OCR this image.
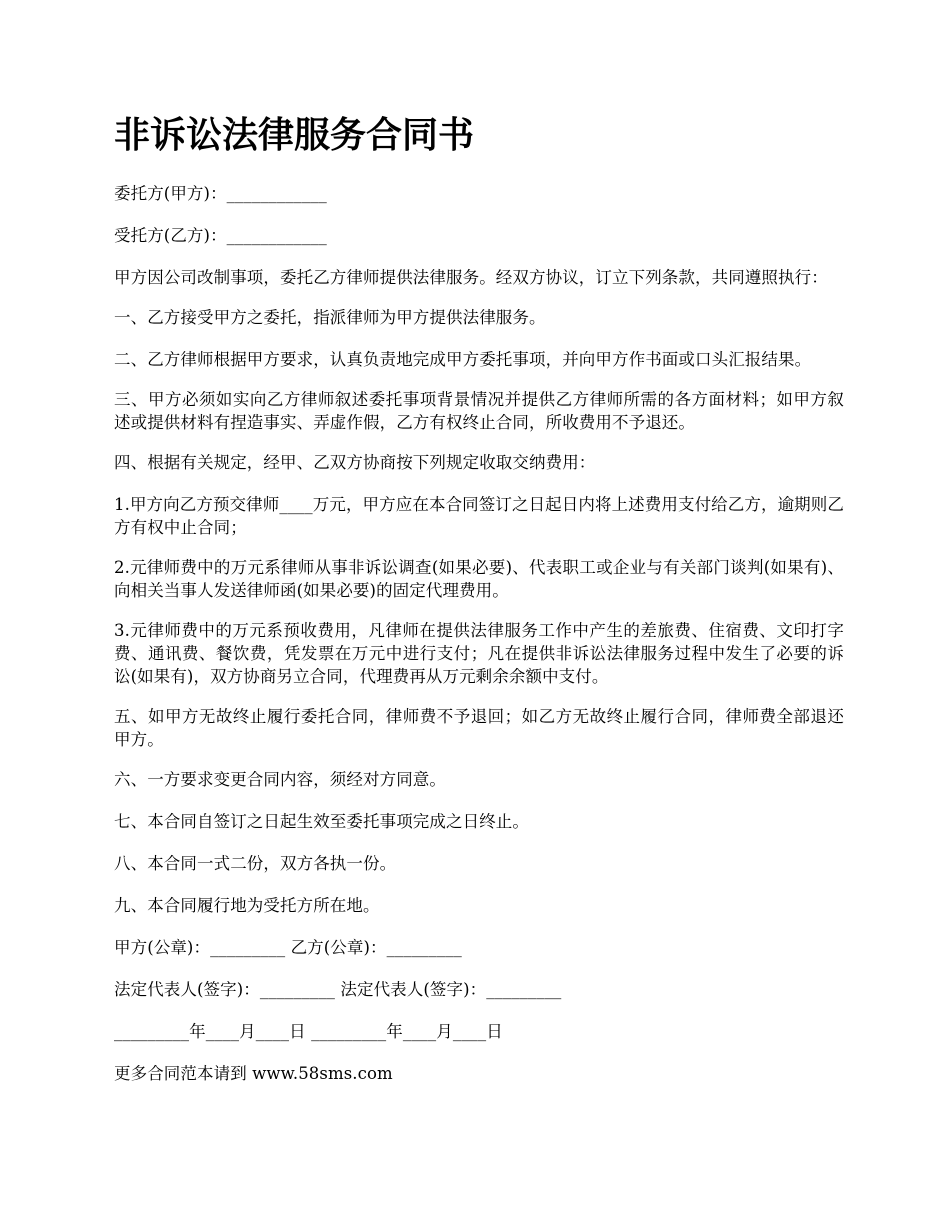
非诉讼法律服务合同书

委托方(甲方)：____________

受托方(乙方)：____________

甲方因公司改制事项，委托乙方律师提供法律服务。经双方协议，订立下列条款，共同遵照执行：

一、乙方接受甲方之委托，指派律师为甲方提供法律服务。

二、乙方律师根据甲方要求，认真负责地完成甲方委托事项，并向甲方作书面或口头汇报结果。

三、甲方必须如实向乙方律师叙述委托事项背景情况并提供乙方律师所需的各方面材料；如甲方叙述或提供材料有捏造事实、弄虚作假，乙方有权终止合同，所收费用不予退还。

四、根据有关规定，经甲、乙双方协商按下列规定收取交纳费用：

1.甲方向乙方预交律师____万元，甲方应在本合同签订之日起日内将上述费用支付给乙方，逾期则乙方有权中止合同；

2.元律师费中的万元系律师从事非诉讼调查(如果必要)、代表职工或企业与有关部门谈判(如果有)、向相关当事人发送律师函(如果必要)的固定代理费用。

3.元律师费中的万元系预收费用，凡律师在提供法律服务工作中产生的差旅费、住宿费、文印打字费、通讯费、餐饮费，凭发票在万元中进行支付；凡在提供非诉讼法律服务过程中发生了必要的诉讼(如果有)，双方协商另立合同，代理费再从万元剩余余额中支付。

五、如甲方无故终止履行委托合同，律师费不予退回；如乙方无故终止履行合同，律师费全部退还甲方。

六、一方要求变更合同内容，须经对方同意。

七、本合同自签订之日起生效至委托事项完成之日终止。

八、本合同一式二份，双方各执一份。

九、本合同履行地为受托方所在地。

甲方(公章)：_________ 乙方(公章)：_________

法定代表人(签字)：_________ 法定代表人(签字)：_________

_________年____月____日 _________年____月____日

更多合同范本请到 www.58sms.com
